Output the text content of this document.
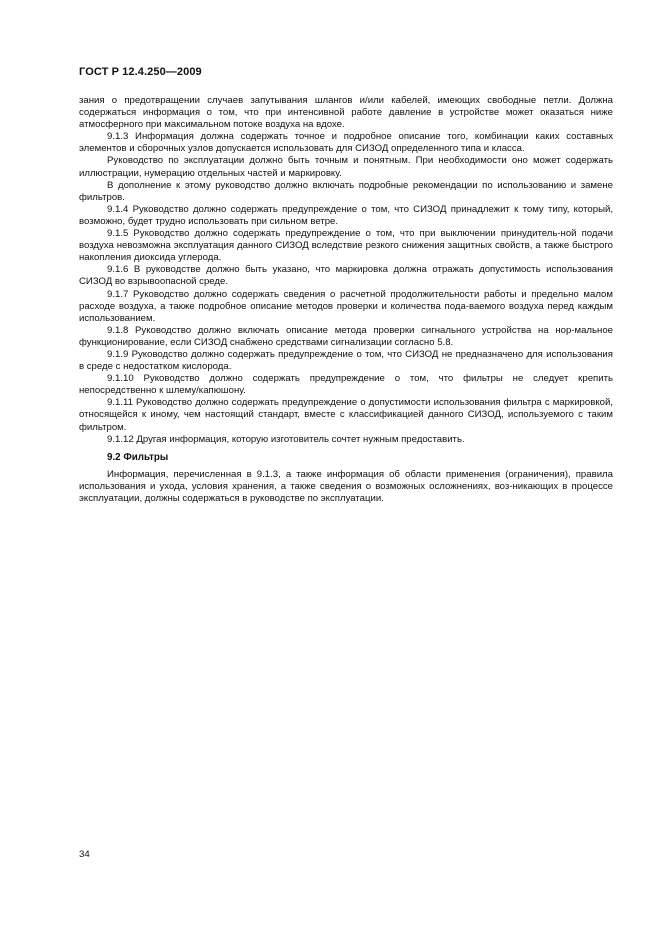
ГОСТ Р 12.4.250—2009

зания о предотвращении случаев запутывания шлангов и/или кабелей, имеющих свободные петли. Должна содержаться информация о том, что при интенсивной работе давление в устройстве может оказаться ниже атмосферного при максимальном потоке воздуха на вдохе.

9.1.3 Информация должна содержать точное и подробное описание того, комбинации каких составных элементов и сборочных узлов допускается использовать для СИЗОД определенного типа и класса.

Руководство по эксплуатации должно быть точным и понятным. При необходимости оно может содержать иллюстрации, нумерацию отдельных частей и маркировку.

В дополнение к этому руководство должно включать подробные рекомендации по использованию и замене фильтров.

9.1.4 Руководство должно содержать предупреждение о том, что СИЗОД принадлежит к тому типу, который, возможно, будет трудно использовать при сильном ветре.

9.1.5 Руководство должно содержать предупреждение о том, что при выключении принудитель-ной подачи воздуха невозможна эксплуатация данного СИЗОД вследствие резкого снижения защитных свойств, а также быстрого накопления диоксида углерода.

9.1.6 В руководстве должно быть указано, что маркировка должна отражать допустимость использования СИЗОД во взрывоопасной среде.

9.1.7 Руководство должно содержать сведения о расчетной продолжительности работы и предельно малом расходе воздуха, а также подробное описание методов проверки и количества пода-ваемого воздуха перед каждым использованием.

9.1.8 Руководство должно включать описание метода проверки сигнального устройства на нор-мальное функционирование, если СИЗОД снабжено средствами сигнализации согласно 5.8.

9.1.9 Руководство должно содержать предупреждение о том, что СИЗОД не предназначено для использования в среде с недостатком кислорода.

9.1.10 Руководство должно содержать предупреждение о том, что фильтры не следует крепить непосредственно к шлему/капюшону.

9.1.11 Руководство должно содержать предупреждение о допустимости использования фильтра с маркировкой, относящейся к иному, чем настоящий стандарт, вместе с классификацией данного СИЗОД, используемого с таким фильтром.

9.1.12 Другая информация, которую изготовитель сочтет нужным предоставить.

9.2 Фильтры

Информация, перечисленная в 9.1.3, а также информация об области применения (ограничения), правила использования и ухода, условия хранения, а также сведения о возможных осложнениях, воз-никающих в процессе эксплуатации, должны содержаться в руководстве по эксплуатации.

34
